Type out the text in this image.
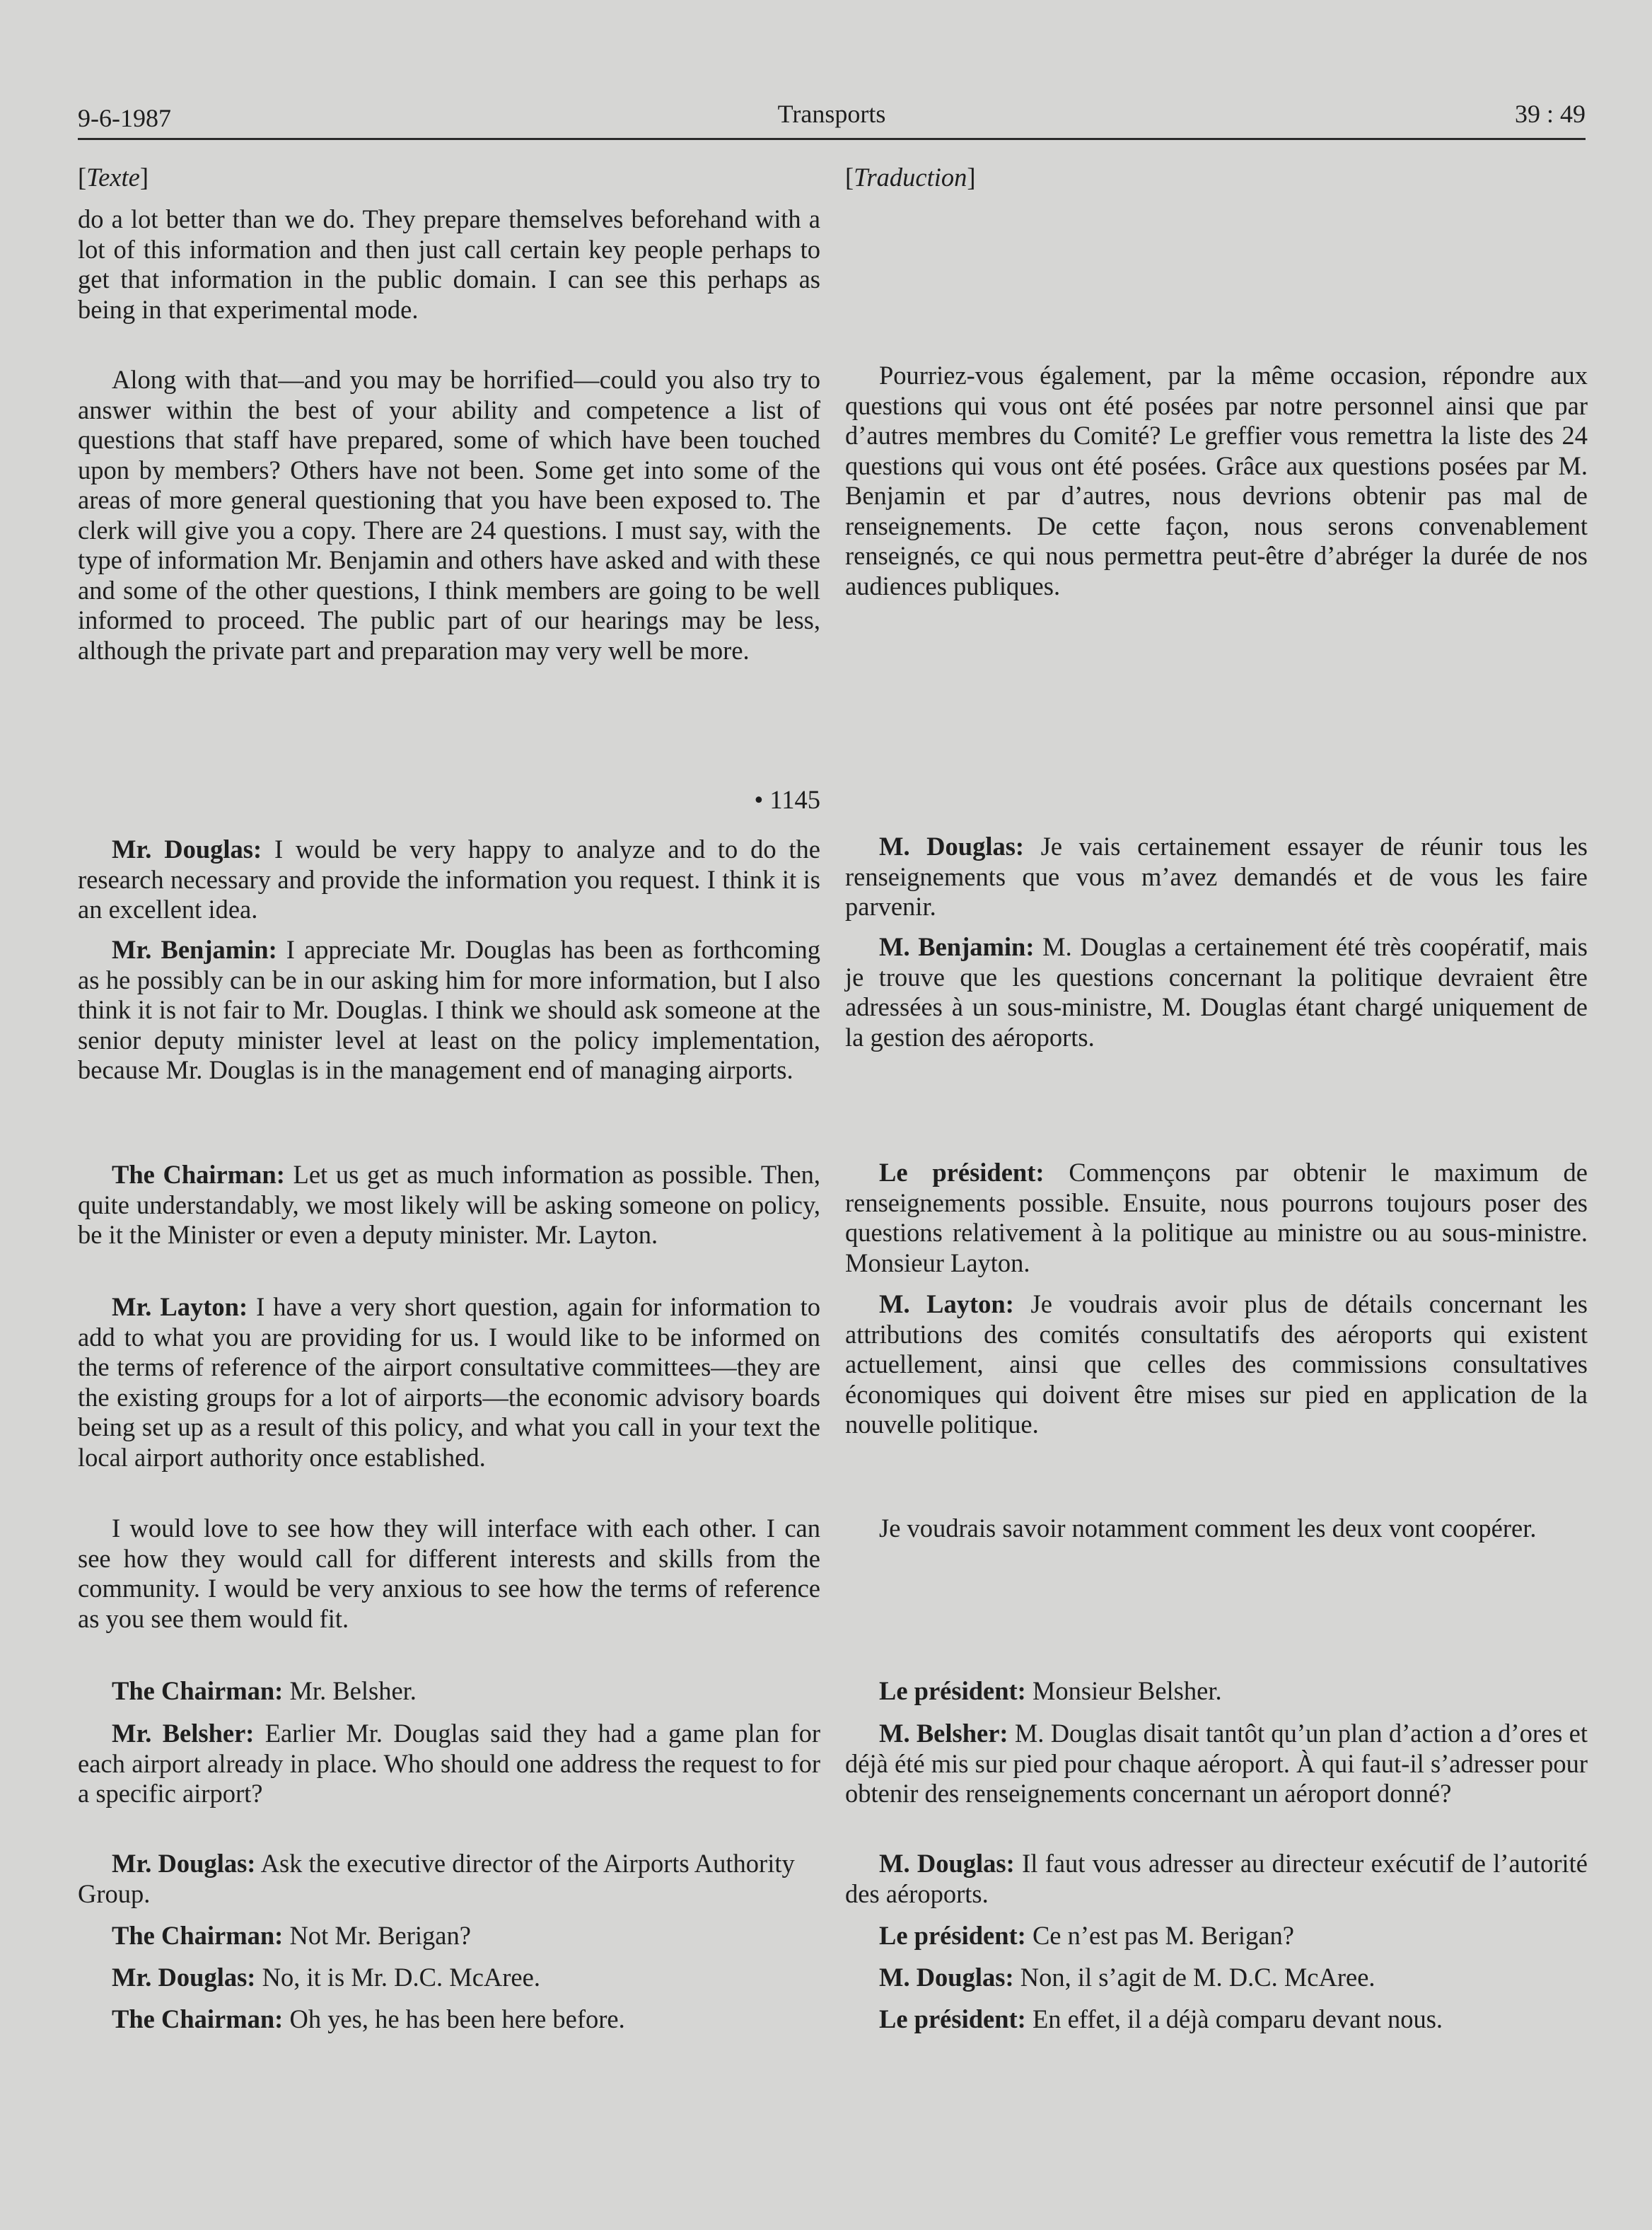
9-6-1987	Transports	39 : 49

[Texte]

do a lot better than we do. They prepare themselves beforehand with a lot of this information and then just call certain key people perhaps to get that information in the public domain. I can see this perhaps as being in that experimental mode.

Along with that—and you may be horrified—could you also try to answer within the best of your ability and competence a list of questions that staff have prepared, some of which have been touched upon by members? Others have not been. Some get into some of the areas of more general questioning that you have been exposed to. The clerk will give you a copy. There are 24 questions. I must say, with the type of information Mr. Benjamin and others have asked and with these and some of the other questions, I think members are going to be well informed to proceed. The public part of our hearings may be less, although the private part and preparation may very well be more.

• 1145

Mr. Douglas: I would be very happy to analyze and to do the research necessary and provide the information you request. I think it is an excellent idea.

Mr. Benjamin: I appreciate Mr. Douglas has been as forthcoming as he possibly can be in our asking him for more information, but I also think it is not fair to Mr. Douglas. I think we should ask someone at the senior deputy minister level at least on the policy implementation, because Mr. Douglas is in the management end of managing airports.

The Chairman: Let us get as much information as possible. Then, quite understandably, we most likely will be asking someone on policy, be it the Minister or even a deputy minister. Mr. Layton.

Mr. Layton: I have a very short question, again for information to add to what you are providing for us. I would like to be informed on the terms of reference of the airport consultative committees—they are the existing groups for a lot of airports—the economic advisory boards being set up as a result of this policy, and what you call in your text the local airport authority once established.

I would love to see how they will interface with each other. I can see how they would call for different interests and skills from the community. I would be very anxious to see how the terms of reference as you see them would fit.

The Chairman: Mr. Belsher.

Mr. Belsher: Earlier Mr. Douglas said they had a game plan for each airport already in place. Who should one address the request to for a specific airport?

Mr. Douglas: Ask the executive director of the Airports Authority Group.

The Chairman: Not Mr. Berigan?

Mr. Douglas: No, it is Mr. D.C. McAree.

The Chairman: Oh yes, he has been here before.

[Traduction]

Pourriez-vous également, par la même occasion, répondre aux questions qui vous ont été posées par notre personnel ainsi que par d’autres membres du Comité? Le greffier vous remettra la liste des 24 questions qui vous ont été posées. Grâce aux questions posées par M. Benjamin et par d’autres, nous devrions obtenir pas mal de renseignements. De cette façon, nous serons convenablement renseignés, ce qui nous permettra peut-être d’abréger la durée de nos audiences publiques.

M. Douglas: Je vais certainement essayer de réunir tous les renseignements que vous m’avez demandés et de vous les faire parvenir.

M. Benjamin: M. Douglas a certainement été très coopératif, mais je trouve que les questions concernant la politique devraient être adressées à un sous-ministre, M. Douglas étant chargé uniquement de la gestion des aéroports.

Le président: Commençons par obtenir le maximum de renseignements possible. Ensuite, nous pourrons toujours poser des questions relativement à la politique au ministre ou au sous-ministre. Monsieur Layton.

M. Layton: Je voudrais avoir plus de détails concernant les attributions des comités consultatifs des aéroports qui existent actuellement, ainsi que celles des commissions consultatives économiques qui doivent être mises sur pied en application de la nouvelle politique.

Je voudrais savoir notamment comment les deux vont coopérer.

Le président: Monsieur Belsher.

M. Belsher: M. Douglas disait tantôt qu’un plan d’action a d’ores et déjà été mis sur pied pour chaque aéroport. À qui faut-il s’adresser pour obtenir des renseignements concernant un aéroport donné?

M. Douglas: Il faut vous adresser au directeur exécutif de l’autorité des aéroports.

Le président: Ce n’est pas M. Berigan?

M. Douglas: Non, il s’agit de M. D.C. McAree.

Le président: En effet, il a déjà comparu devant nous.
